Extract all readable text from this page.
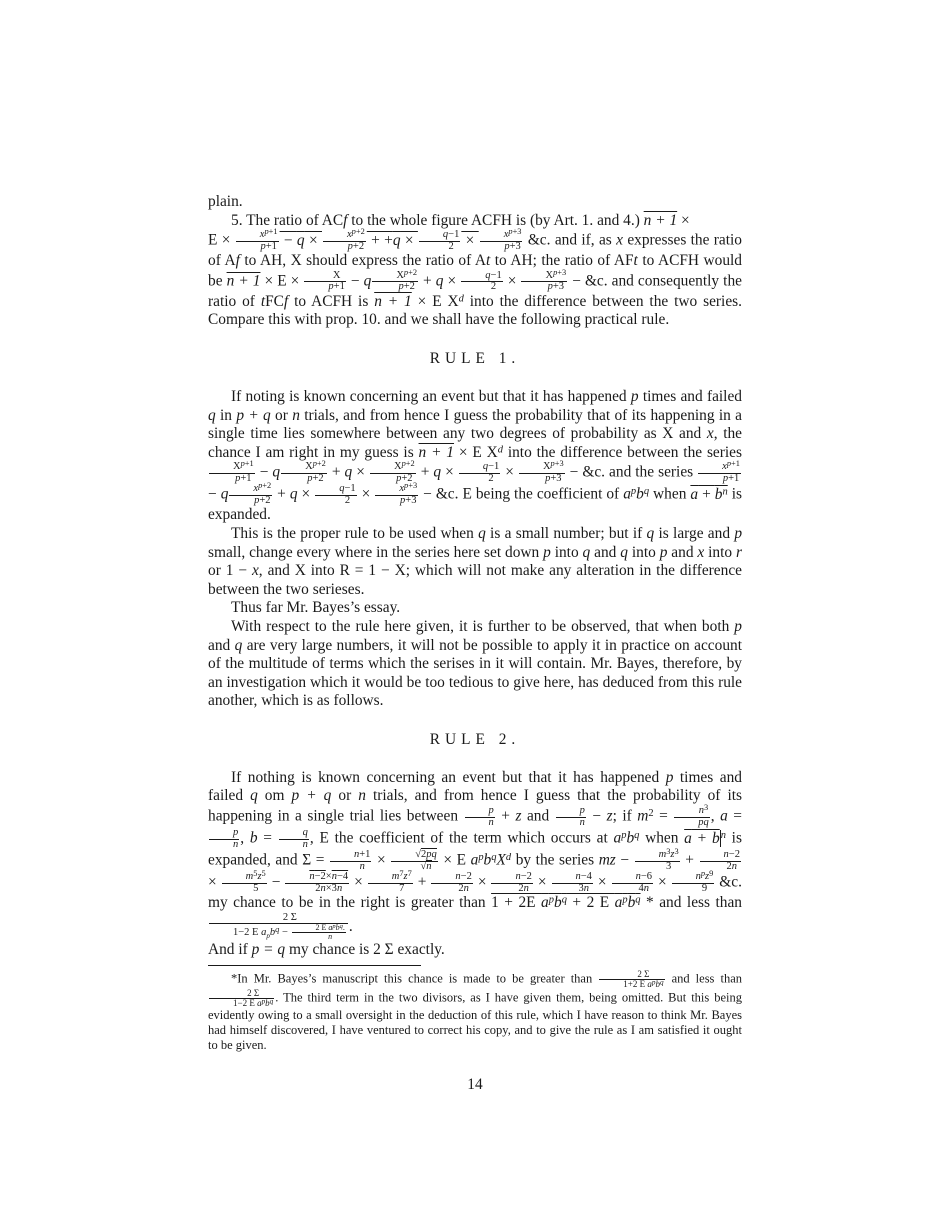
plain.

5. The ratio of ACf to the whole figure ACFH is (by Art. 1. and 4.) n + 1 ×
$E \times \frac{x^{p+1}}{p+1} - q \times \frac{x^{p+2}}{p+2} + +q \times \frac{q-1}{2} \times \frac{x^{p+3}}{p+3}$ &c. and if, as x expresses the ratio of Af to AH, X should express the ratio of At to AH; the ratio of AFt to ACFH would be $n + 1 \times E \times \frac{X}{p+1} - q \frac{X^{p+2}}{p+2} + q \times \frac{q-1}{2} \times \frac{X^{p+3}}{p+3}$ − &c. and consequently the ratio of tFCf to ACFH is n + 1 × E $X^d$ into the difference between the two series. Compare this with prop. 10. and we shall have the following practical rule.

RULE 1.

If noting is known concerning an event but that it has happened p times and failed q in p + q or n trials, and from hence I guess the probability that of its happening in a single time lies somewhere between any two degrees of probability as X and x, the chance I am right in my guess is n + 1 × E $X^d$ into the difference between the series
$\frac{X^{p+1}}{p+1} - q \frac{X^{p+2}}{p+2} + q \times \frac{X^{p+2}}{p+2} + q \times \frac{q-1}{2} \times \frac{X^{p+3}}{p+3}$ − &c. and the series $\frac{x^{p+1}}{p+1}$
− q $\frac{x^{p+2}}{p+2} + q \times \frac{q-1}{2} \times \frac{x^{p+3}}{p+3}$ − &c. E being the coefficient of $a^pb^q$ when $a + b^n$ is expanded.

This is the proper rule to be used when q is a small number; but if q is large and p small, change every where in the series here set down p into q and q into p and x into r or 1 − x, and X into R = 1 − X; which will not make any alteration in the difference between the two serieses.

Thus far Mr. Bayes’s essay.

With respect to the rule here given, it is further to be observed, that when both p and q are very large numbers, it will not be possible to apply it in practice on account of the multitude of terms which the serises in it will contain. Mr. Bayes, therefore, by an investigation which it would be too tedious to give here, has deduced from this rule another, which is as follows.

RULE 2.

If nothing is known concerning an event but that it has happened p times and failed q om p + q or n trials, and from hence I guess that the probability of its happening in a single trial lies between $\frac{p}{n} + z$ and $\frac{p}{n} - z$; if $m^2 = \frac{n^3}{pq}$ , a =
$\frac{p}{n}$ , $b = \frac{q}{n}$ , E the coefficient of the term which occurs at $a^pb^q$ when $a + b^n$ is expanded, and $\Sigma = \frac{n+1}{n} \times \frac{√2pq}{√n} \times E$ $a^pb^qX^d$ by the series mz − $\frac{m^3z^3}{3} + \frac{n-2}{2n}$
× $\frac{m^5z^5}{5} - \frac{n-2\times n-4}{2n\times 3n} \times \frac{m^7z^7}{7} + \frac{n-2}{2n} \times \frac{n-2}{2n} \times \frac{n-4}{3n} \times \frac{n-6}{4n} \times \frac{n^pz^9}{9}$ &c. my chance to be in the right is greater than 1 + 2E $a^pb^q + 2$ E $a^pb^q$ * and less than
$\frac{2 \Sigma}{1-2 E a_pb^q - \frac{2 E a^pb^q.}{n}}$ .

And if p = q my chance is 2 Σ exactly.

*In Mr. Bayes’s manuscript this chance is made to be greater than $\frac{2 \Sigma}{1+2 E a^pb^q}$ and less than
$\frac{2 \Sigma}{1-2 E a^pb^q}$ . The third term in the two divisors, as I have given them, being omitted. But this being evidently owing to a small oversight in the deduction of this rule, which I have reason to think Mr. Bayes had himself discovered, I have ventured to correct his copy, and to give the rule as I am satisfied it ought to be given.

14
